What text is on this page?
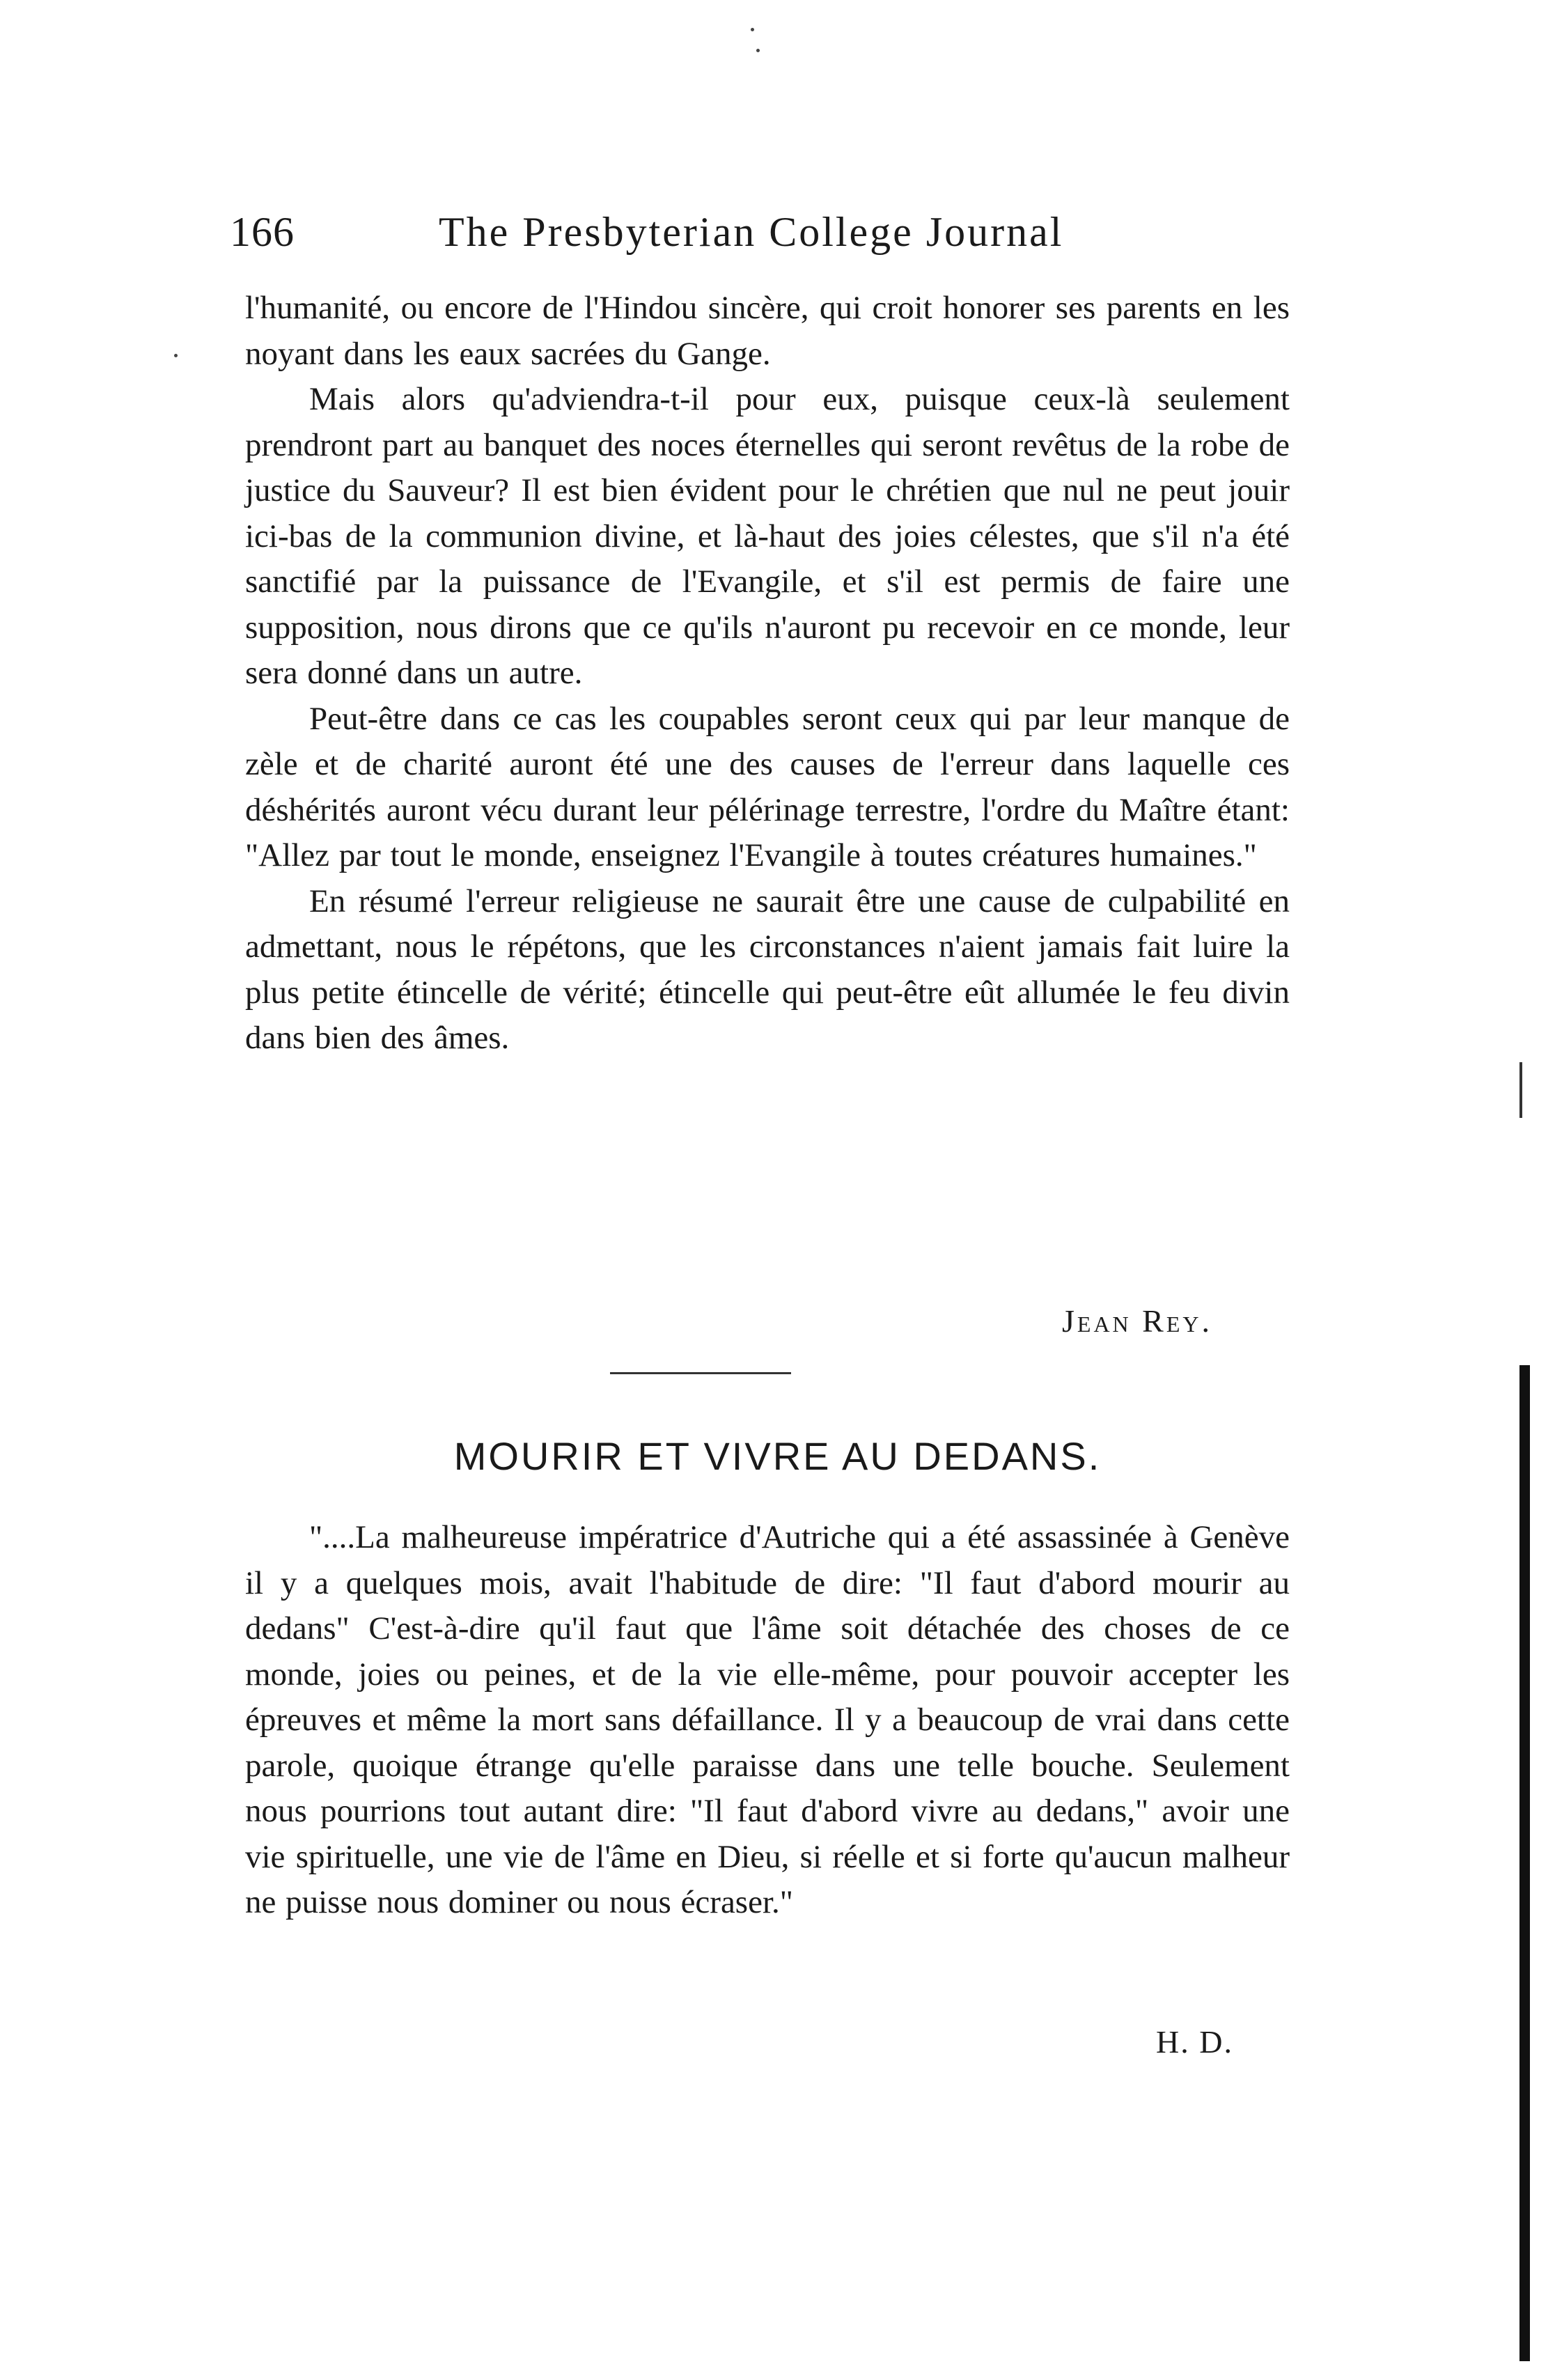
166	The Presbyterian College Journal

l'humanité, ou encore de l'Hindou sincère, qui croit honorer ses parents en les noyant dans les eaux sacrées du Gange.

Mais alors qu'adviendra-t-il pour eux, puisque ceux-là seulement prendront part au banquet des noces éternelles qui seront revêtus de la robe de justice du Sauveur? Il est bien évident pour le chrétien que nul ne peut jouir ici-bas de la communion divine, et là-haut des joies célestes, que s'il n'a été sanctifié par la puissance de l'Evangile, et s'il est permis de faire une supposition, nous dirons que ce qu'ils n'auront pu recevoir en ce monde, leur sera donné dans un autre.

Peut-être dans ce cas les coupables seront ceux qui par leur manque de zèle et de charité auront été une des causes de l'erreur dans laquelle ces déshérités auront vécu durant leur pélérinage terrestre, l'ordre du Maître étant: "Allez par tout le monde, enseignez l'Evangile à toutes créatures humaines."

En résumé l'erreur religieuse ne saurait être une cause de culpabilité en admettant, nous le répétons, que les circonstances n'aient jamais fait luire la plus petite étincelle de vérité; étincelle qui peut-être eût allumée le feu divin dans bien des âmes.

Jean Rey.
MOURIR ET VIVRE AU DEDANS.

"....La malheureuse impératrice d'Autriche qui a été assassinée à Genève il y a quelques mois, avait l'habitude de dire: "Il faut d'abord mourir au dedans" C'est-à-dire qu'il faut que l'âme soit détachée des choses de ce monde, joies ou peines, et de la vie elle-même, pour pouvoir accepter les épreuves et même la mort sans défaillance. Il y a beaucoup de vrai dans cette parole, quoique étrange qu'elle paraisse dans une telle bouche. Seulement nous pourrions tout autant dire: "Il faut d'abord vivre au dedans," avoir une vie spirituelle, une vie de l'âme en Dieu, si réelle et si forte qu'aucun malheur ne puisse nous dominer ou nous écraser."

H. D.
